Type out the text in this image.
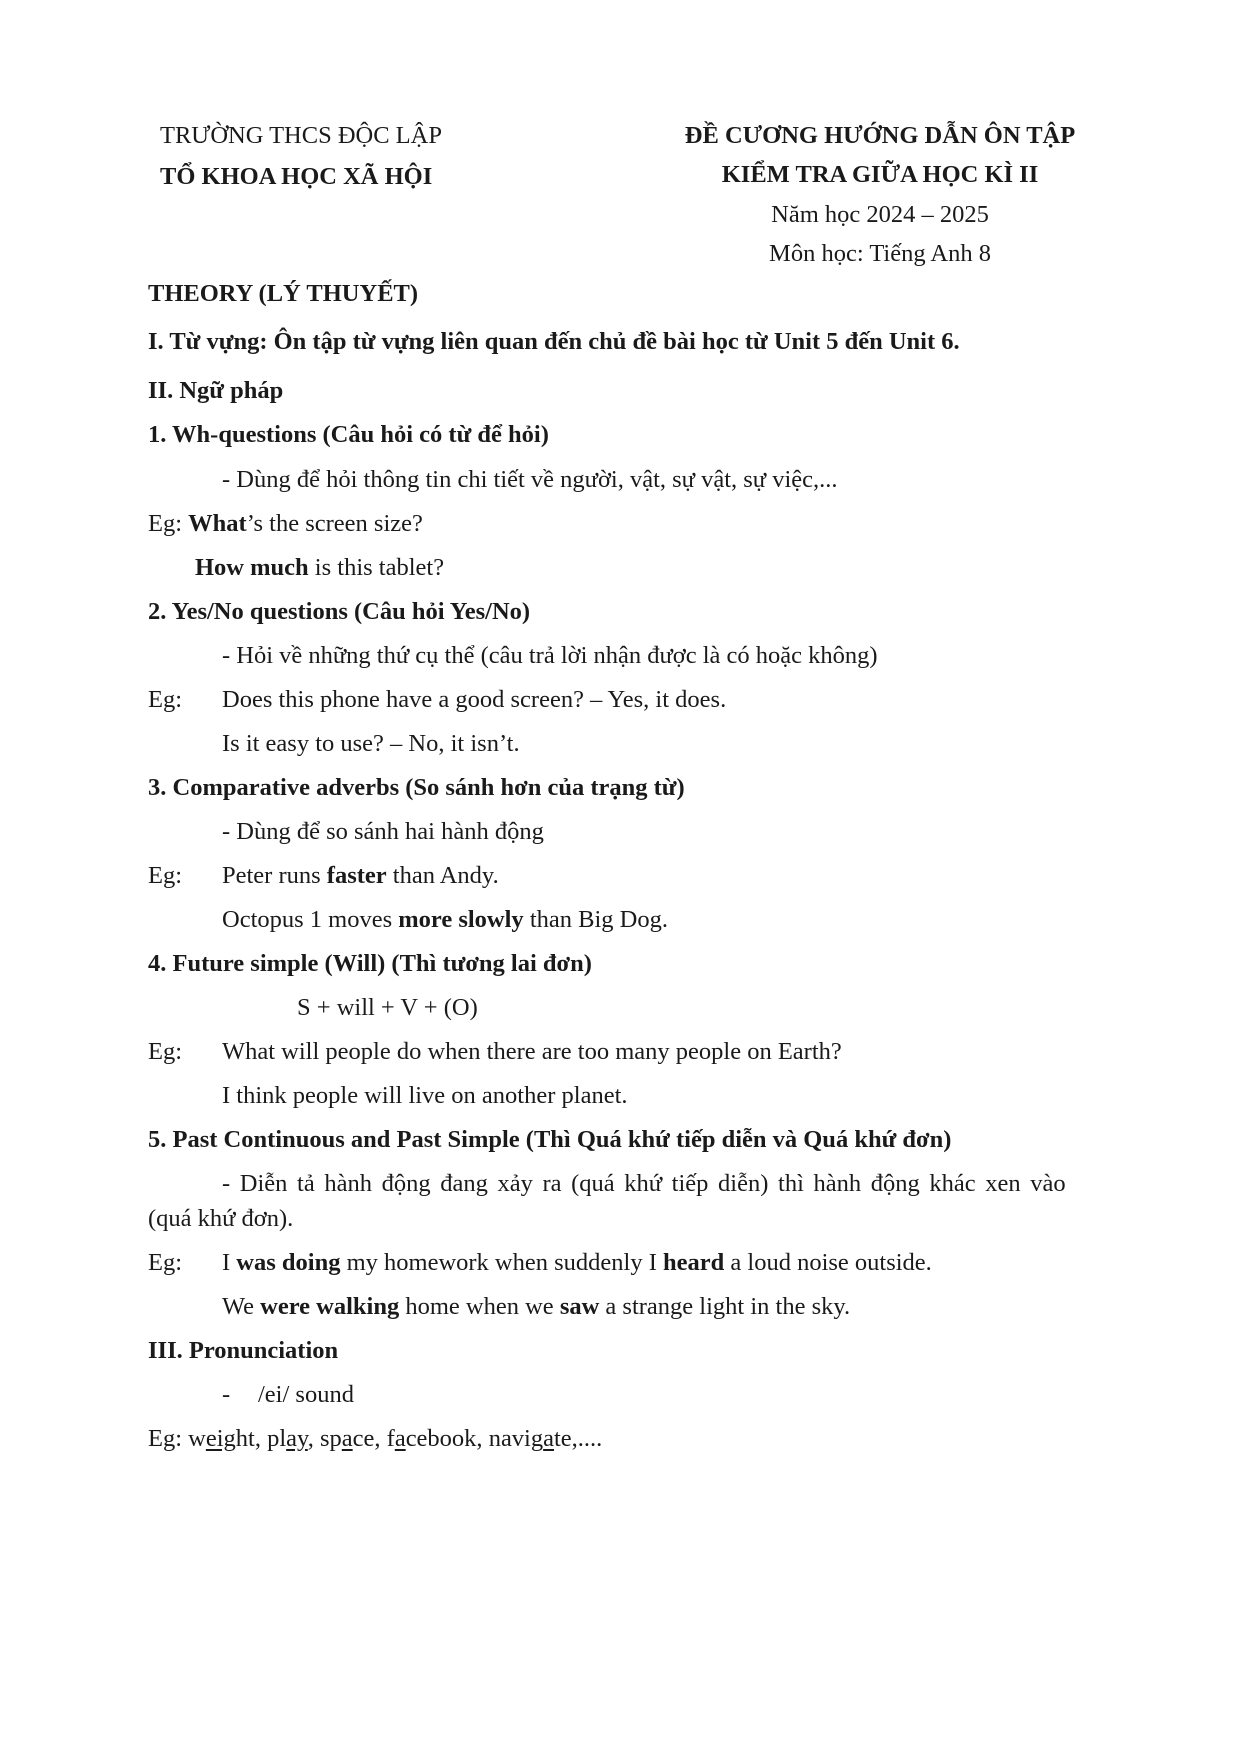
TRƯỜNG THCS ĐỘC LẬP
TỔ KHOA HỌC XÃ HỘI
ĐỀ CƯƠNG HƯỚNG DẪN ÔN TẬP
KIỂM TRA GIỮA HỌC KÌ II
Năm học 2024 – 2025
Môn học: Tiếng Anh 8
THEORY (LÝ THUYẾT)
I. Từ vựng: Ôn tập từ vựng liên quan đến chủ đề bài học từ Unit 5 đến Unit 6.
II. Ngữ pháp
1. Wh-questions (Câu hỏi có từ để hỏi)
- Dùng để hỏi thông tin chi tiết về người, vật, sự vật, sự việc,...
Eg: What’s the screen size?
How much is this tablet?
2. Yes/No questions (Câu hỏi Yes/No)
- Hỏi về những thứ cụ thể (câu trả lời nhận được là có hoặc không)
Eg: Does this phone have a good screen? – Yes, it does.
Is it easy to use? – No, it isn’t.
3. Comparative adverbs (So sánh hơn của trạng từ)
- Dùng để so sánh hai hành động
Eg: Peter runs faster than Andy.
Octopus 1 moves more slowly than Big Dog.
4. Future simple (Will) (Thì tương lai đơn)
S + will + V + (O)
Eg: What will people do when there are too many people on Earth?
I think people will live on another planet.
5. Past Continuous and Past Simple (Thì Quá khứ tiếp diễn và Quá khứ đơn)
- Diễn tả hành động đang xảy ra (quá khứ tiếp diễn) thì hành động khác xen vào
(quá khứ đơn).
Eg: I was doing my homework when suddenly I heard a loud noise outside.
We were walking home when we saw a strange light in the sky.
III. Pronunciation
- /ei/ sound
Eg: weight, play, space, facebook, navigate,....
